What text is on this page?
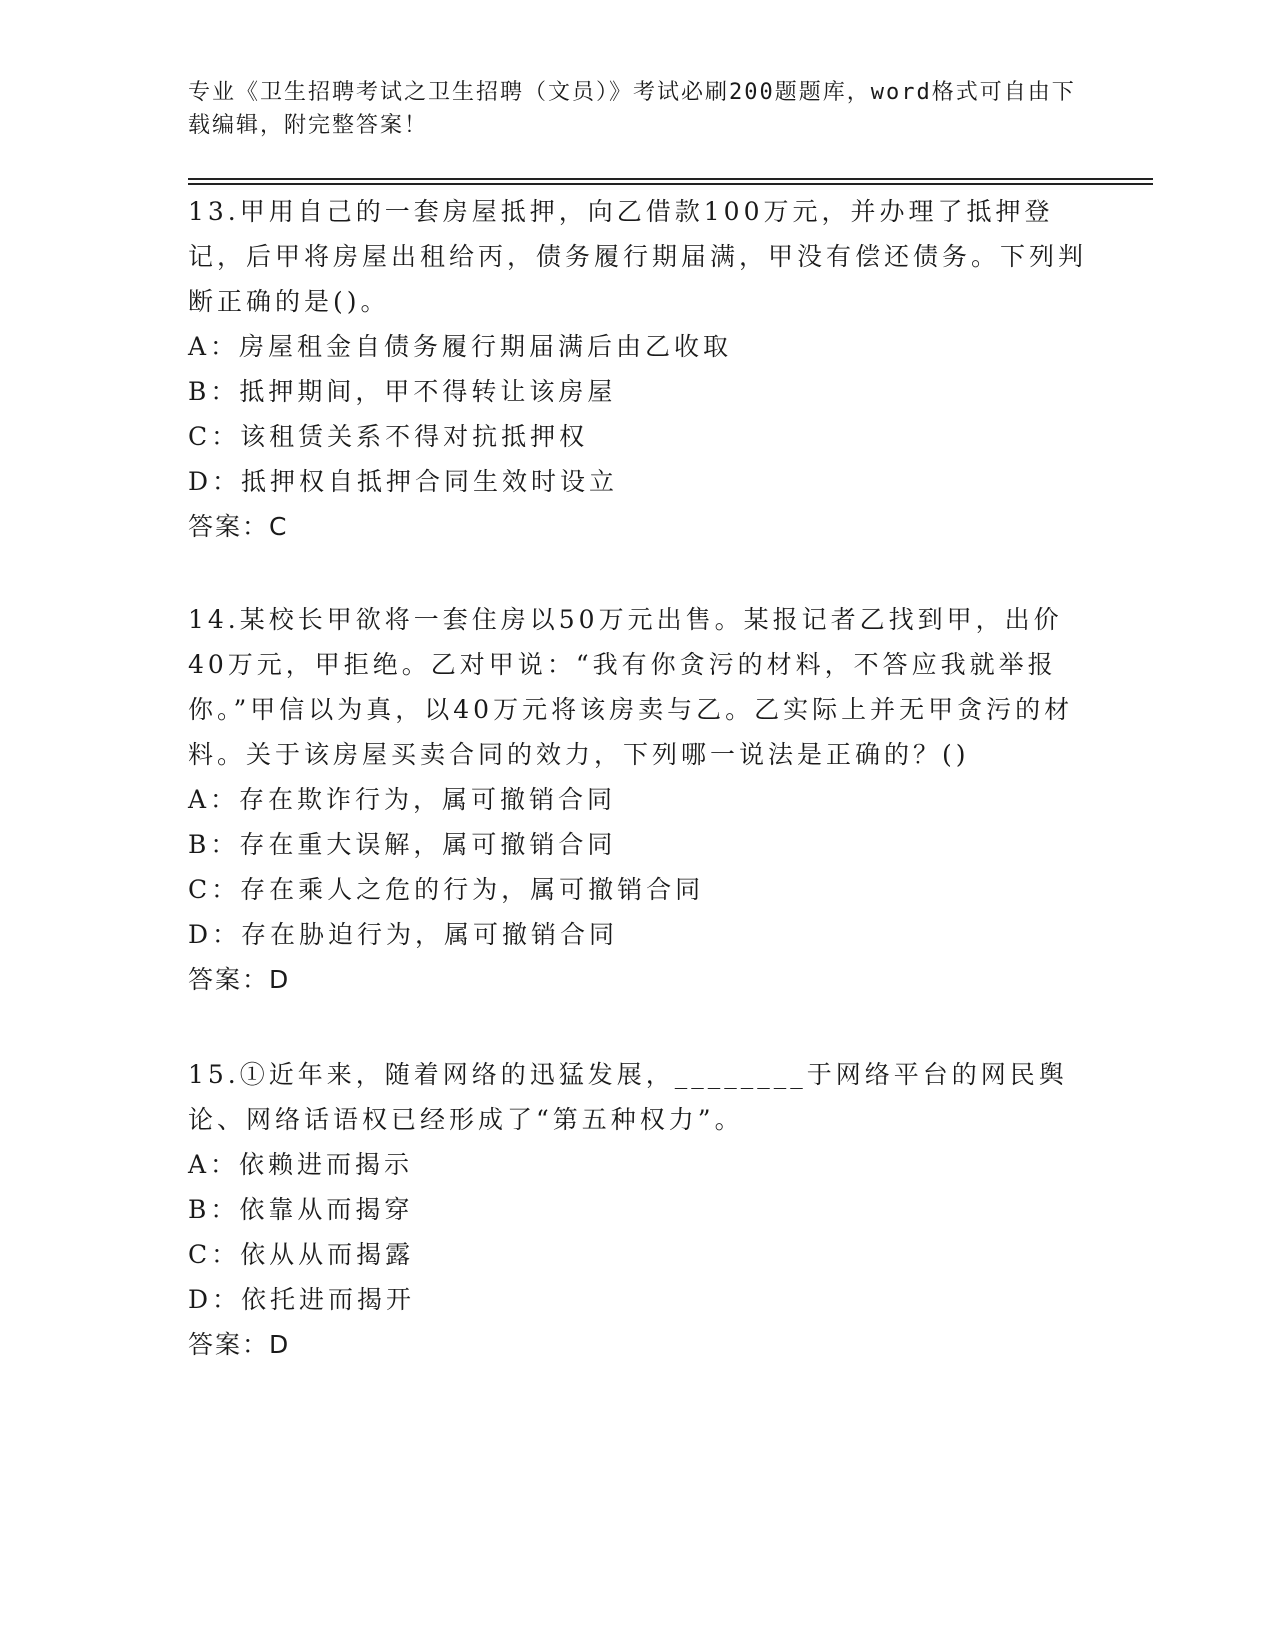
专业《卫生招聘考试之卫生招聘（文员）》考试必刷200题题库，word格式可自由下载编辑，附完整答案！

13.甲用自己的一套房屋抵押，向乙借款100万元，并办理了抵押登记，后甲将房屋出租给丙，债务履行期届满，甲没有偿还债务。下列判断正确的是()。

A：房屋租金自债务履行期届满后由乙收取

B：抵押期间，甲不得转让该房屋

C：该租赁关系不得对抗抵押权

D：抵押权自抵押合同生效时设立

答案：C

14.某校长甲欲将一套住房以50万元出售。某报记者乙找到甲，出价40万元，甲拒绝。乙对甲说：“我有你贪污的材料，不答应我就举报你。”甲信以为真，以40万元将该房卖与乙。乙实际上并无甲贪污的材料。关于该房屋买卖合同的效力，下列哪一说法是正确的？()

A：存在欺诈行为，属可撤销合同

B：存在重大误解，属可撤销合同

C：存在乘人之危的行为，属可撤销合同

D：存在胁迫行为，属可撤销合同

答案：D

15.①近年来，随着网络的迅猛发展，________于网络平台的网民舆论、网络话语权已经形成了“第五种权力”。

A：依赖进而揭示

B：依靠从而揭穿

C：依从从而揭露

D：依托进而揭开

答案：D
